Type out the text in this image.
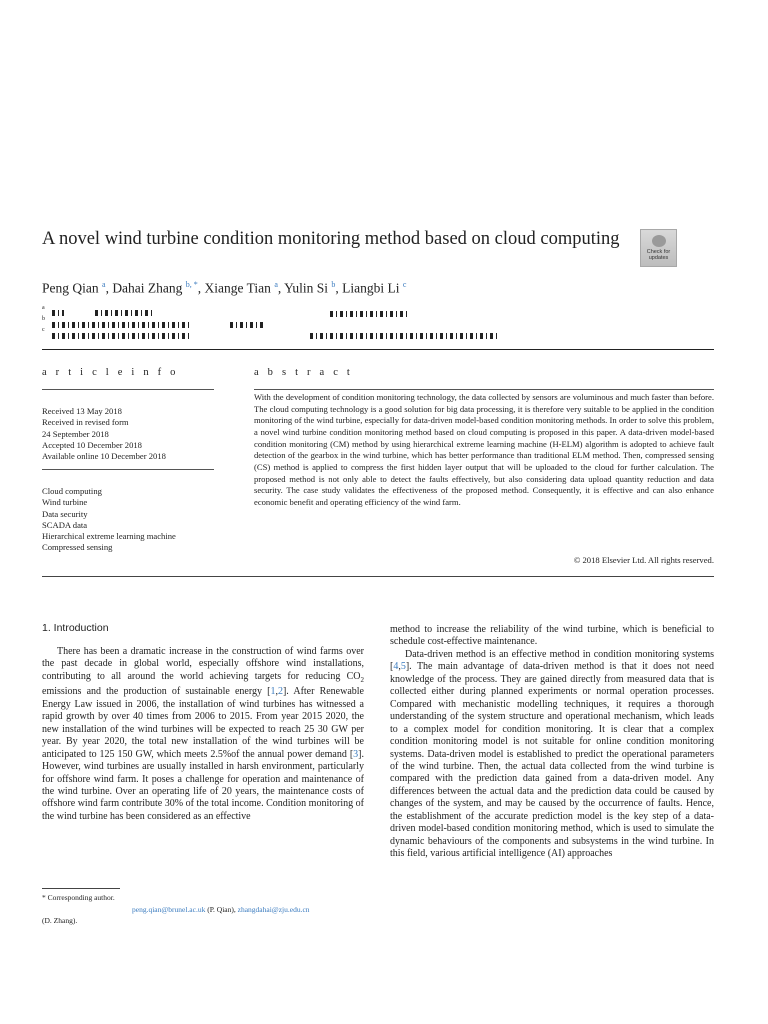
A novel wind turbine condition monitoring method based on cloud computing
Check for updates
Peng Qian $^a$, Dahai Zhang $^{b, *}$, Xiange Tian $^a$, Yulin Si $^b$, Liangbi Li $^c$
a
b
c
a r t i c l e i n f o
Received 13 May 2018
Received in revised form
24 September 2018
Accepted 10 December 2018
Available online 10 December 2018
Cloud computing
Wind turbine
Data security
SCADA data
Hierarchical extreme learning machine
Compressed sensing
a b s t r a c t
With the development of condition monitoring technology, the data collected by sensors are voluminous and much faster than before. The cloud computing technology is a good solution for big data processing, it is therefore very suitable to be applied in the condition monitoring of the wind turbine, especially for data-driven model-based condition monitoring methods. In order to solve this problem, a novel wind turbine condition monitoring method based on cloud computing is proposed in this paper. A data-driven model-based condition monitoring (CM) method by using hierarchical extreme learning machine (H-ELM) algorithm is adopted to achieve fault detection of the gearbox in the wind turbine, which has better performance than traditional ELM method. Then, compressed sensing (CS) method is applied to compress the first hidden layer output that will be uploaded to the cloud for further calculation. The proposed method is not only able to detect the faults effectively, but also considering data upload quantity reduction and data security. The case study validates the effectiveness of the proposed method. Consequently, it is effective and can also enhance economic benefit and operating efficiency of the wind farm.
© 2018 Elsevier Ltd. All rights reserved.
1. Introduction

There has been a dramatic increase in the construction of wind farms over the past decade in global world, especially offshore wind installations, contributing to all around the world achieving targets for reducing $CO_2$ emissions and the production of sustainable energy [1,2]. After Renewable Energy Law issued in 2006, the installation of wind turbines has witnessed a rapid growth by over 40 times from 2006 to 2015. From year 2015 2020, the new installation of the wind turbines will be expected to reach 25 30 GW per year. By year 2020, the total new installation of the wind turbines will be anticipated to 125 150 GW, which meets 2.5%of the annual power demand [3]. However, wind turbines are usually installed in harsh environment, particularly for offshore wind farm. It poses a challenge for operation and maintenance of the wind turbine. Over an operating life of 20 years, the maintenance costs of offshore wind farm contribute 30% of the total income. Condition monitoring of the wind turbine has been considered as an effective

* Corresponding author.
peng.qian@brunel.ac.uk (P. Qian), zhangdahai@zju.edu.cn
(D. Zhang).

method to increase the reliability of the wind turbine, which is beneficial to schedule cost-effective maintenance.

Data-driven method is an effective method in condition monitoring systems [4,5]. The main advantage of data-driven method is that it does not need knowledge of the process. They are gained directly from measured data that is collected either during planned experiments or normal operation processes. Compared with mechanistic modelling techniques, it requires a thorough understanding of the system structure and operational mechanism, which leads to a complex model for condition monitoring. It is clear that a complex condition monitoring model is not suitable for online condition monitoring systems. Data-driven model is established to predict the operational parameters of the wind turbine. Then, the actual data collected from the wind turbine is compared with the prediction data gained from a data-driven model. Any differences between the actual data and the prediction data could be caused by changes of the system, and may be caused by the occurrence of faults. Hence, the establishment of the accurate prediction model is the key step of a data-driven model-based condition monitoring method, which is used to simulate the dynamic behaviours of the components and subsystems in the wind turbine. In this field, various artificial intelligence (AI) approaches
